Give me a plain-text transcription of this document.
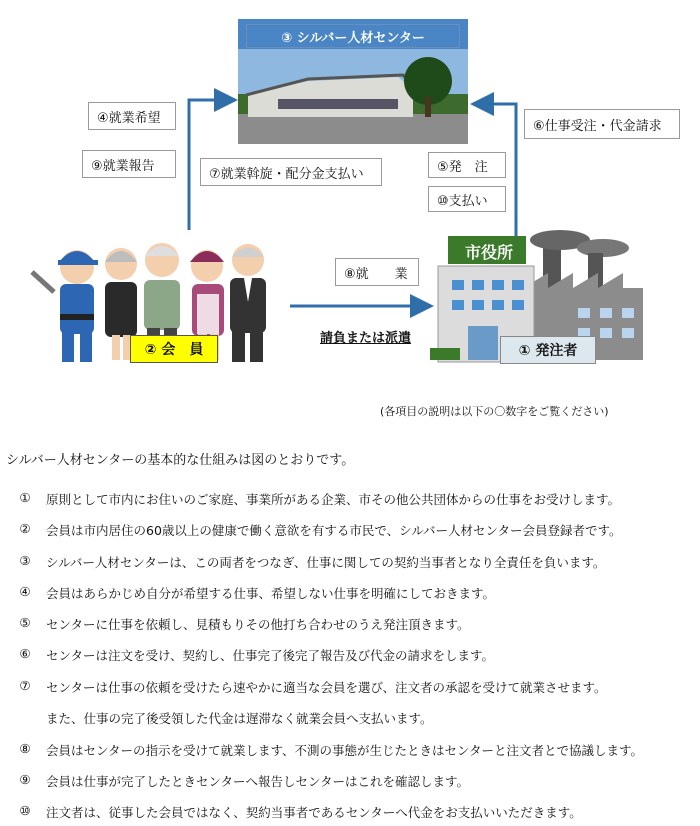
③ シルバー人材センター
④就業希望
⑨就業報告
⑦就業斡旋・配分金支払い	⑤発　注
⑩支払い
⑥仕事受注・代金請求
⑧就　　業
② 会　員
市役所
① 発注者
請負または派遣
(各項目の説明は以下の〇数字をご覧ください)
シルバー人材センターの基本的な仕組みは図のとおりです。
① 原則として市内にお住いのご家庭、事業所がある企業、市その他公共団体からの仕事をお受けします。
② 会員は市内居住の60歳以上の健康で働く意欲を有する市民で、シルバー人材センター会員登録者です。
③ シルバー人材センターは、この両者をつなぎ、仕事に関しての契約当事者となり全責任を負います。
④ 会員はあらかじめ自分が希望する仕事、希望しない仕事を明確にしておきます。
⑤ センターに仕事を依頼し、見積もりその他打ち合わせのうえ発注頂きます。
⑥ センターは注文を受け、契約し、仕事完了後完了報告及び代金の請求をします。
⑦ センターは仕事の依頼を受けたら速やかに適当な会員を選び、注文者の承認を受けて就業させます。
また、仕事の完了後受領した代金は遅滞なく就業会員へ支払います。
⑧ 会員はセンターの指示を受けて就業します、不測の事態が生じたときはセンターと注文者とで協議します。
⑨ 会員は仕事が完了したときセンターへ報告しセンターはこれを確認します。
⑩ 注文者は、従事した会員ではなく、契約当事者であるセンターへ代金をお支払いいただきます。
